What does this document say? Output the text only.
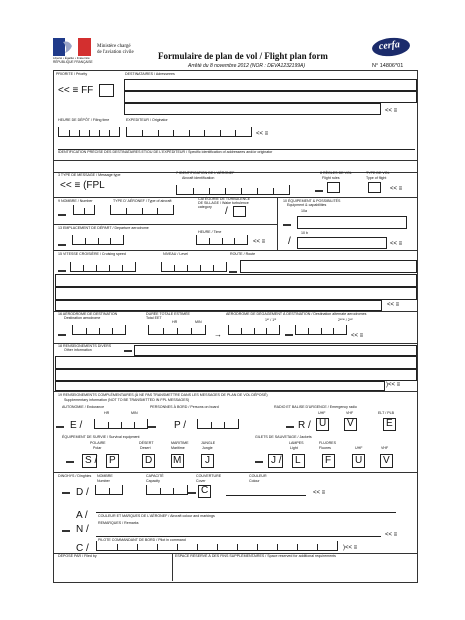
Liberté • Égalité • Fraternité
RÉPUBLIQUE FRANÇAISE
Ministère chargé
de l'aviation civile	Formulaire de plan de vol / Flight plan form
Arrêté du 8 novembre 2012 (NOR : DEVA1232199A)
cerfa
N° 14806*01
PRIORITE / Priority	DESTINATAIRES / Adresseees
<< ≡ FF
<< ≡
HEURE DE DÉPÔT / Filing time	EXPEDITEUR / Originator
<< ≡
IDENTIFICATION PRÉCISE DES DESTINATAIRES ET/OU DE L'EXPÉDITEUR / Specific identification of addressees and/or originator
3 TYPE DE MESSAGE / Message type
<< ≡ (FPL
7 IDENTIFICATION DE L'AÉRONEF
Aircraft identification
8 RÈGLES DE VOL
Flight rules
TYPE DE VOL
Type of flight
<< ≡
9 NOMBRE / Number	TYPE D' AÉRONEF / Type of aircraft	CATÉGORIE DE TURBULENCE
DE SILLAGE / Wake turbulence
category /
10 ÉQUIPEMENT & POSSIBILITÉS
Equipment & capabilities
10a
10 b
/	<< ≡
13 EMPLACEMENT DE DÉPART / Departure aerodrome
HEURE / Time
<< ≡
15 VITESSE CROISIÈRE / Cruising speed	NIVEAU / Level	ROUTE / Route
<< ≡
16 AÉRODROME DE DESTINATION
Destination aerodrome
DURÉE TOTALE ESTIMÉE
Total EET
HR	MIN
AÉRODROME DE DÉGAGEMENT À DESTINATION / Destination alternate aerodromes
1ᵉʳ / 1ˢᵗ	2ᵉᵐᵉ / 2ⁿᵈ
→	<< ≡
18 RENSEIGNEMENTS DIVERS
Other information
)<< ≡
19 RENSEIGNEMENTS COMPLÉMENTAIRES (À NE PAS TRANSMETTRE DANS LES MESSAGES DE PLAN DE VOL DÉPOSÉ)
Supplementary information (NOT TO BE TRANSMITTED IN FPL MESSAGES)
AUTONOMIE / Endurance
HR	MIN
PERSONNES À BORD / Persons on board	RADIO ET BALISE D'URGENCE / Emergency radio
UHF	VHF	ELT / PLB
E /	P /	R / U V	E
ÉQUIPEMENT DE SURVIE / Survival equipment
POLAIRE
Polar
DÉSERT
Desert
MARITIME
Maritime
JUNGLE
Jungle
S / P	D M J
GILETS DE SAUVETAGE / Jackets
LAMPES
Light
FLUORES
Fluores	UHF	VHF
J / L F U V
DINGHYS / Dinghies NOMBRE
Number
CAPACITÉ
Capacity
COUVERTURE
Cover
COULEUR
Colour
D /	C	<< ≡
A /	COULEUR ET MARQUES DE L'AÉRONEF / Aircraft colour and markings
N /
REMARQUES / Remarks
<< ≡
PILOTE COMMANDANT DE BORD / Pilot in command
C /	)<< ≡
DÉPOSÉ PAR / Filed by	ESPACE RÉSERVÉ À DES FINS SUPPLÉMENTAIRES / Space reserved for additional requirements
